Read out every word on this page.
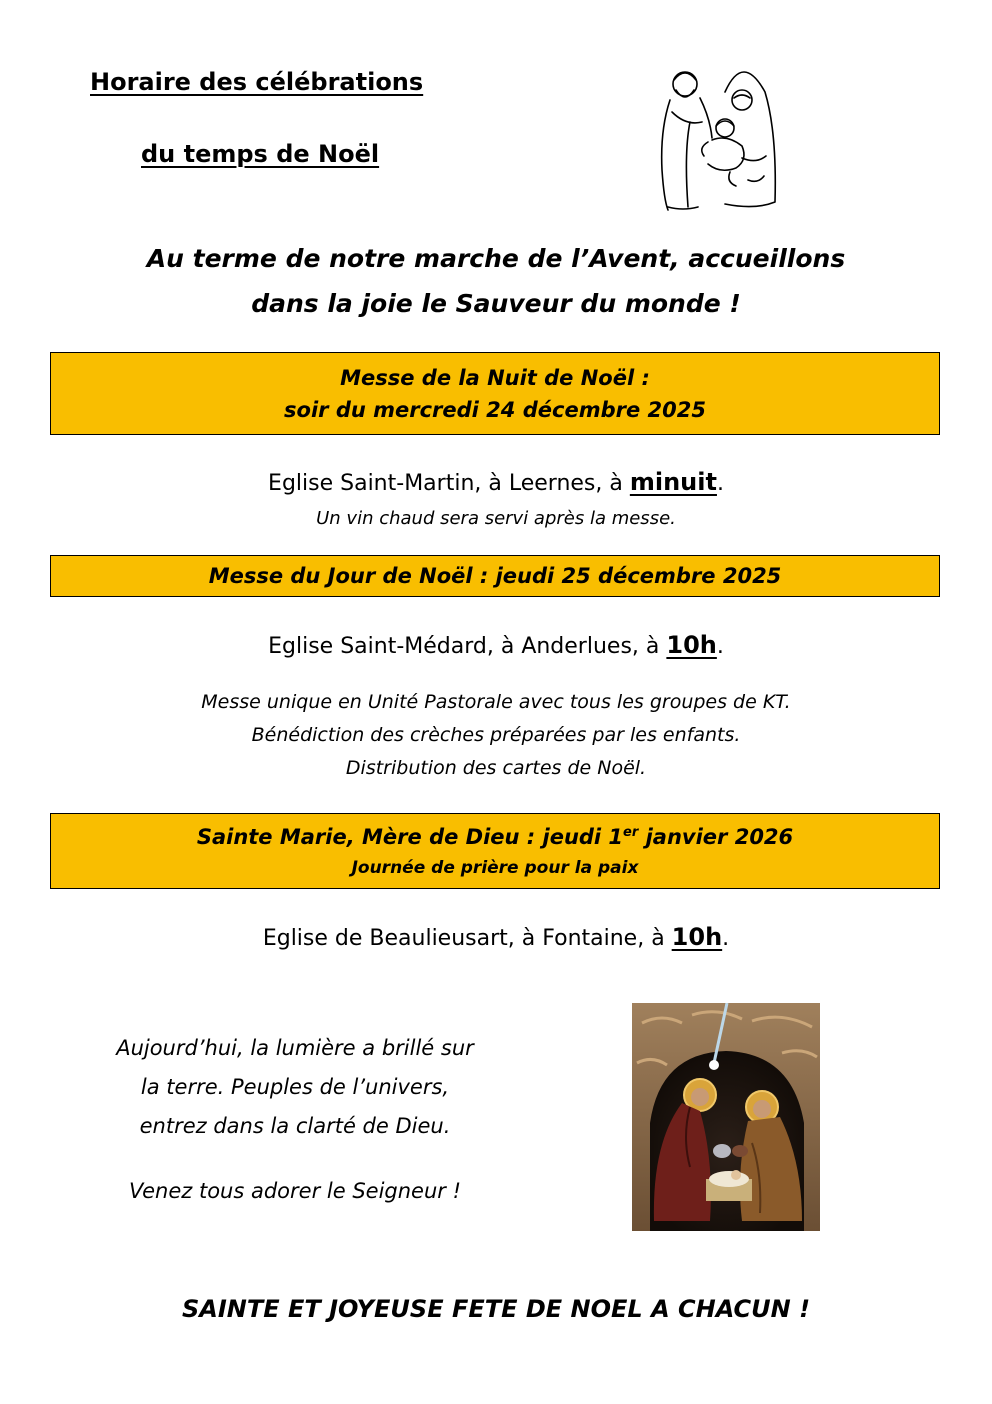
Horaire des célébrations
du temps de Noël
Au terme de notre marche de l’Avent, accueillons
dans la joie le Sauveur du monde !
Messe de la Nuit de Noël :
soir du mercredi 24 décembre 2025
Eglise Saint-Martin, à Leernes, à minuit.
Un vin chaud sera servi après la messe.
Messe du Jour de Noël : jeudi 25 décembre 2025
Eglise Saint-Médard, à Anderlues, à 10h.
Messe unique en Unité Pastorale avec tous les groupes de KT.
Bénédiction des crèches préparées par les enfants.
Distribution des cartes de Noël.
Sainte Marie, Mère de Dieu : jeudi 1er janvier 2026
Journée de prière pour la paix
Eglise de Beaulieusart, à Fontaine, à 10h.
Aujourd’hui, la lumière a brillé sur
la terre. Peuples de l’univers,
entrez dans la clarté de Dieu.
Venez tous adorer le Seigneur !
SAINTE ET JOYEUSE FETE DE NOEL A CHACUN !
